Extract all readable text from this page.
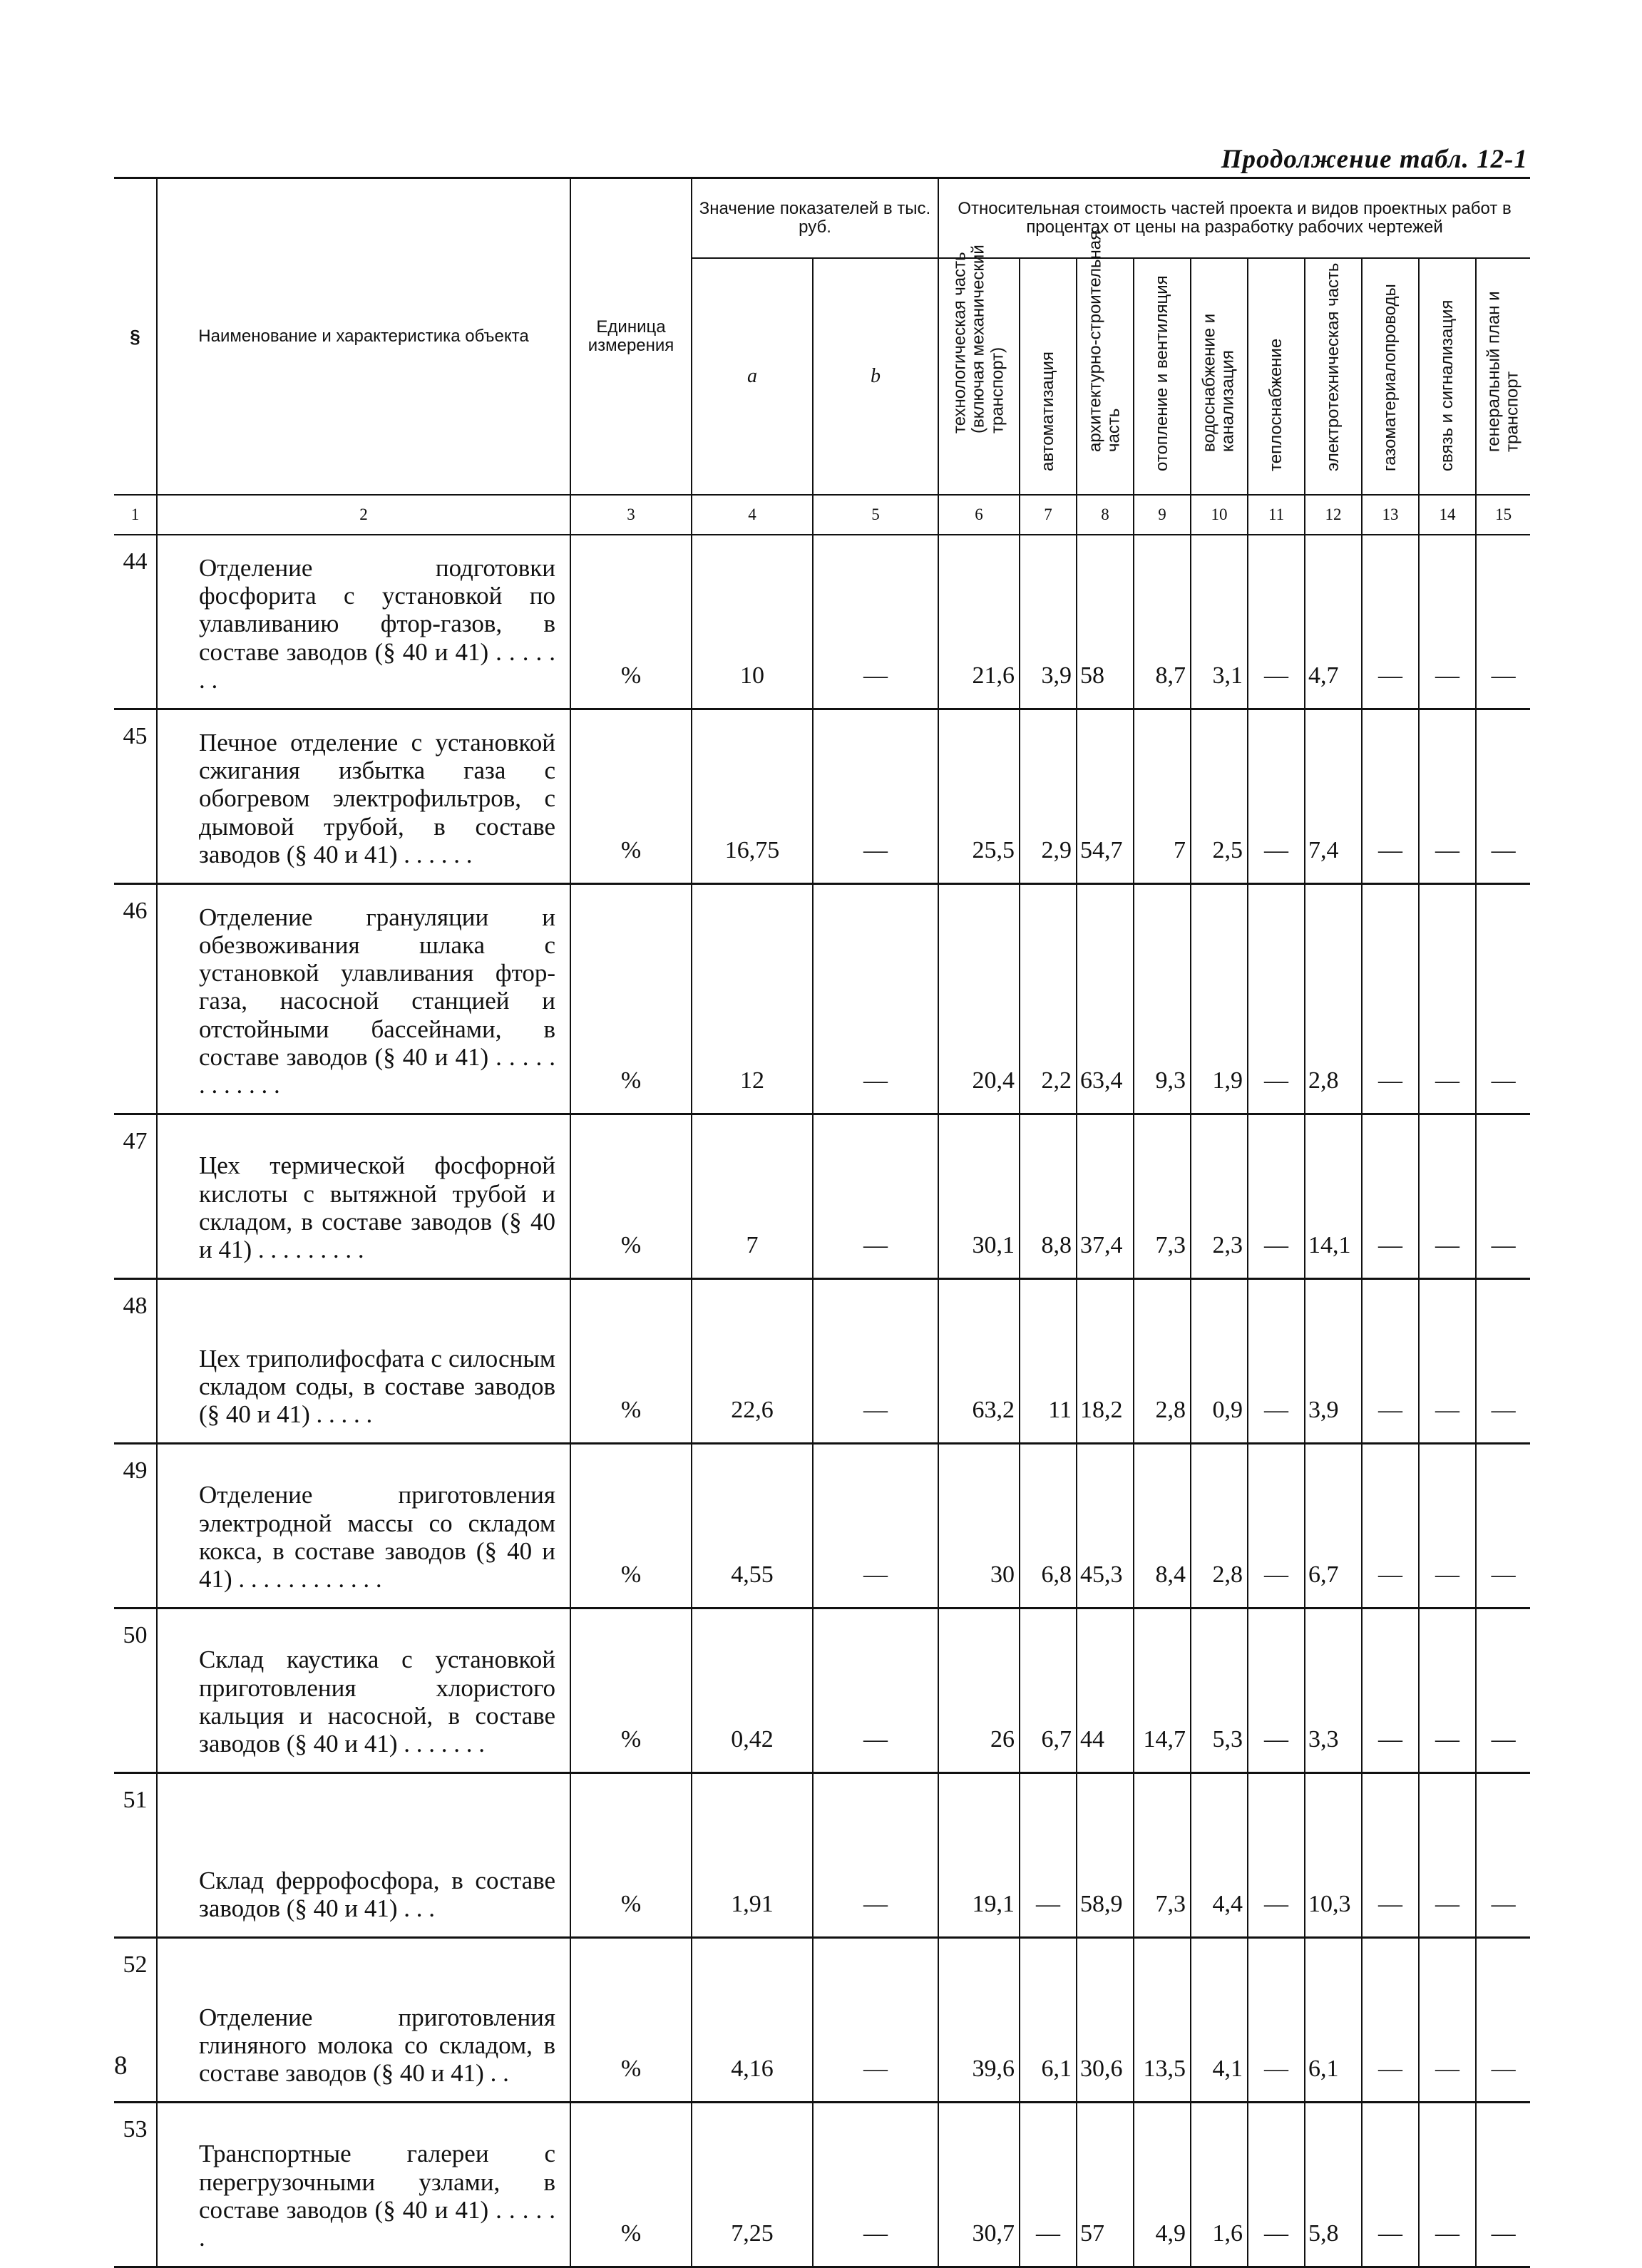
Продолжение табл. 12-1
§	Наименование и характеристика объекта	Единица измерения	Значение показателей в тыс. руб.		Относительная стоимость частей проекта и видов проектных работ в процентах от цены на разработку рабочих чертежей									
			a	b	технологическая часть (включая механический транспорт)	автоматизация	архитектурно-строительная часть	отопление и вентиляция	водоснабжение и канализация	теплоснабжение	электротехническая часть	газоматериалопроводы	связь и сигнализация	генеральный план и транспорт

1	2	3	4	5	6	7	8	9	10	11	12	13	14	15
44	Отделение подготовки фосфорита с установкой по улавливанию фтор-газов, в составе заводов (§ 40 и 41) . . . . . . .	%	10	—	21,6	3,9	58	8,7	3,1	—	4,7	—	—	—
45	Печное отделение с установкой сжигания избытка газа с обогревом электрофильтров, с дымовой трубой, в составе заводов (§ 40 и 41) . . . . . .	%	16,75	—	25,5	2,9	54,7	7	2,5	—	7,4	—	—	—
46	Отделение грануляции и обезвоживания шлака с установкой улавливания фтор-газа, насосной станцией и отстойными бассейнами, в составе заводов (§ 40 и 41) . . . . . . . . . . . .	%	12	—	20,4	2,2	63,4	9,3	1,9	—	2,8	—	—	—
47	Цех термической фосфорной кислоты с вытяжной трубой и складом, в составе заводов (§ 40 и 41) . . . . . . . . .	%	7	—	30,1	8,8	37,4	7,3	2,3	—	14,1	—	—	—
48	Цех триполифосфата с силосным складом соды, в составе заводов (§ 40 и 41) . . . . .	%	22,6	—	63,2	11	18,2	2,8	0,9	—	3,9	—	—	—
49	Отделение приготовления электродной массы со складом кокса, в составе заводов (§ 40 и 41) . . . . . . . . . . . .	%	4,55	—	30	6,8	45,3	8,4	2,8	—	6,7	—	—	—
50	Склад каустика с установкой приготовления хлористого кальция и насосной, в составе заводов (§ 40 и 41) . . . . . . .	%	0,42	—	26	6,7	44	14,7	5,3	—	3,3	—	—	—
51	Склад феррофосфора, в составе заводов (§ 40 и 41) . . .	%	1,91	—	19,1	—	58,9	7,3	4,4	—	10,3	—	—	—
52	Отделение приготовления глиняного молока со складом, в составе заводов (§ 40 и 41) . .	%	4,16	—	39,6	6,1	30,6	13,5	4,1	—	6,1	—	—	—
53	Транспортные галереи с перегрузочными узлами, в составе заводов (§ 40 и 41) . . . . . .	%	7,25	—	30,7	—	57	4,9	1,6	—	5,8	—	—	—
8
